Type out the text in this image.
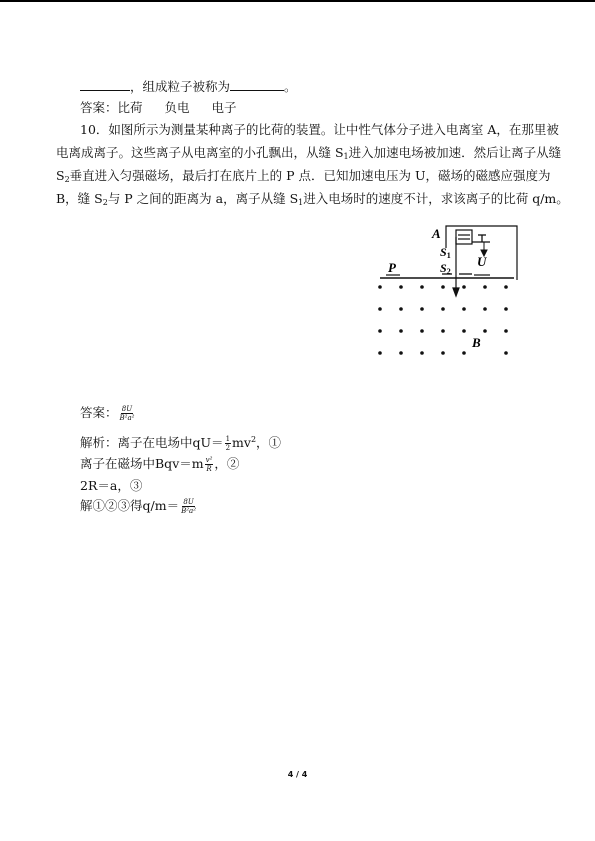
，组成粒子被称为	。
答案：比荷 负电 电子
10．如图所示为测量某种离子的比荷的装置。让中性气体分子进入电离室 A，在那里被
电离成离子。这些离子从电离室的小孔飘出，从缝 $S_1$进入加速电场被加速．然后让离子从缝
$S_2$垂直进入匀强磁场，最后打在底片上的 P 点．已知加速电压为 U，磁场的磁感应强度为
B，缝 $S_2$与 P 之间的距离为 a，离子从缝 $S_1$进入电场时的速度不计，求该离子的比荷 q/m。
A
S1
S2
U
P
B
答案： $\frac{8U}{\text{B²a²}}$
解析：离子在电场中$qU= \frac{1}{2} mv^2$，①
离子在磁场中$Bqv=m \frac{\text{v²}}{R}$ ，②
2R＝a，③
解①②③得$q/m= \frac{8U}{\text{B²a²}}$
4 / 4
